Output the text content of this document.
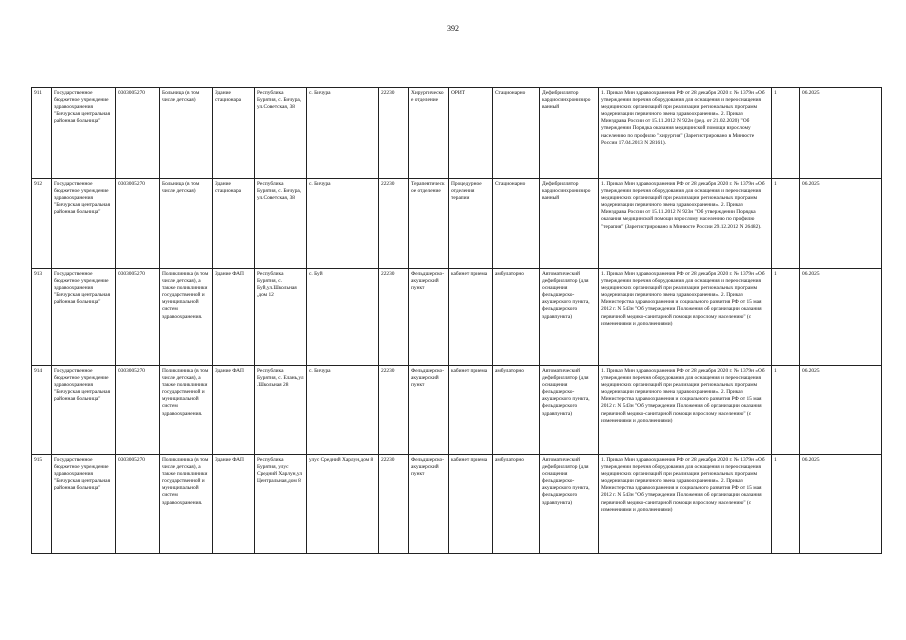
392
911	Государственное бюджетное учреждение здравоохранения "Бичурская центральная районная больница"	0303005270	Больница (в том числе детская)	Здание стационара	Республика Бурятия, с. Бичура, ул.Советская, 38	с. Бичура	22230	Хирургическое отделение	ОРИТ	Стационарно	Дефибриллятор кардиосинхронизиро ванный	1. Приказ Мин здравоохранения РФ от 28 декабря 2020 г. № 1379н «Об утверждении перечня оборудования для оснащения и переоснащения медицинских организаций при реализации региональных программ модернизации первичного звена здравоохранения». 2. Приказ Минздрава России от 15.11.2012 N 922н (ред. от 21.02.2020) "Об утверждении Порядка оказания медицинской помощи взрослому населению по профилю "хирургия" (Зарегистрировано в Минюсте России 17.04.2013 N 28161).	1	06.2025
912	Государственное бюджетное учреждение здравоохранения "Бичурская центральная районная больница"	0303005270	Больница (в том числе детская)	Здание стационара	Республика Бурятия, с. Бичура, ул.Советская, 38	с. Бичура	22230	Терапевтическое отделение	Процедурное отделения терапии	Стационарно	Дефибриллятор кардиосинхронизиро ванный	1. Приказ Мин здравоохранения РФ от 28 декабря 2020 г. № 1379н «Об утверждении перечня оборудования для оснащения и переоснащения медицинских организаций при реализации региональных программ модернизации первичного звена здравоохранения». 2. Приказ Минздрава России от 15.11.2012 N 923н "Об утверждении Порядка оказания медицинской помощи взрослому населению по профилю "терапия" (Зарегистрировано в Минюсте России 29.12.2012 N 26482).	1	06.2025
913	Государственное бюджетное учреждение здравоохранения "Бичурская центральная районная больница"	0303005270	Поликлиника (в том числе детская), а также поликлиники государственной и муниципальной систем здравоохранения.	Здание ФАП	Республика Бурятия, с. Буй,ул.Школьная ,дом 12	с. Буй	22230	Фельдшерско-акушерский пункт	кабинет приема	амбулаторно	Автоматический дефибриллятор (для оснащения фельдшерско-акушерского пункта, фельдшерского здравпункта)	1. Приказ Мин здравоохранения РФ от 28 декабря 2020 г. № 1379н «Об утверждении перечня оборудования для оснащения и переоснащения медицинских организаций при реализации региональных программ модернизации первичного звена здравоохранения». 2. Приказ Министерства здравоохранения и социального развития РФ от 15 мая 2012 г. N 543н "Об утверждении Положения об организации оказания первичной медико-санитарной помощи взрослому населению" (с изменениями и дополнениями)	1	06.2025
914	Государственное бюджетное учреждение здравоохранения "Бичурская центральная районная больница"	0303005270	Поликлиника (в том числе детская), а также поликлиники государственной и муниципальной систем здравоохранения.	Здание ФАП	Республика Бурятия, с. Елань,ул .Школьная 28	с. Бичура	22230	Фельдшерско-акушерский пункт	кабинет приема	амбулаторно	Автоматический дефибриллятор (для оснащения фельдшерско-акушерского пункта, фельдшерского здравпункта)	1. Приказ Мин здравоохранения РФ от 28 декабря 2020 г. № 1379н «Об утверждении перечня оборудования для оснащения и переоснащения медицинских организаций при реализации региональных программ модернизации первичного звена здравоохранения». 2. Приказ Министерства здравоохранения и социального развития РФ от 15 мая 2012 г. N 543н "Об утверждении Положения об организации оказания первичной медико-санитарной помощи взрослому населению" (с изменениями и дополнениями)	1	06.2025
915	Государственное бюджетное учреждение здравоохранения "Бичурская центральная районная больница"	0303005270	Поликлиника (в том числе детская), а также поликлиники государственной и муниципальной систем здравоохранения.	Здание ФАП	Республика Бурятия, улус Средний Харлун,ул Центральная,дом 8	улус Средний Харлун,дом 8	22230	Фельдшерско-акушерский пункт	кабинет приема	амбулаторно	Автоматический дефибриллятор (для оснащения фельдшерско-акушерского пункта, фельдшерского здравпункта)	1. Приказ Мин здравоохранения РФ от 28 декабря 2020 г. № 1379н «Об утверждении перечня оборудования для оснащения и переоснащения медицинских организаций при реализации региональных программ модернизации первичного звена здравоохранения». 2. Приказ Министерства здравоохранения и социального развития РФ от 15 мая 2012 г. N 543н "Об утверждении Положения об организации оказания первичной медико-санитарной помощи взрослому населению" (с изменениями и дополнениями)	1	06.2025
